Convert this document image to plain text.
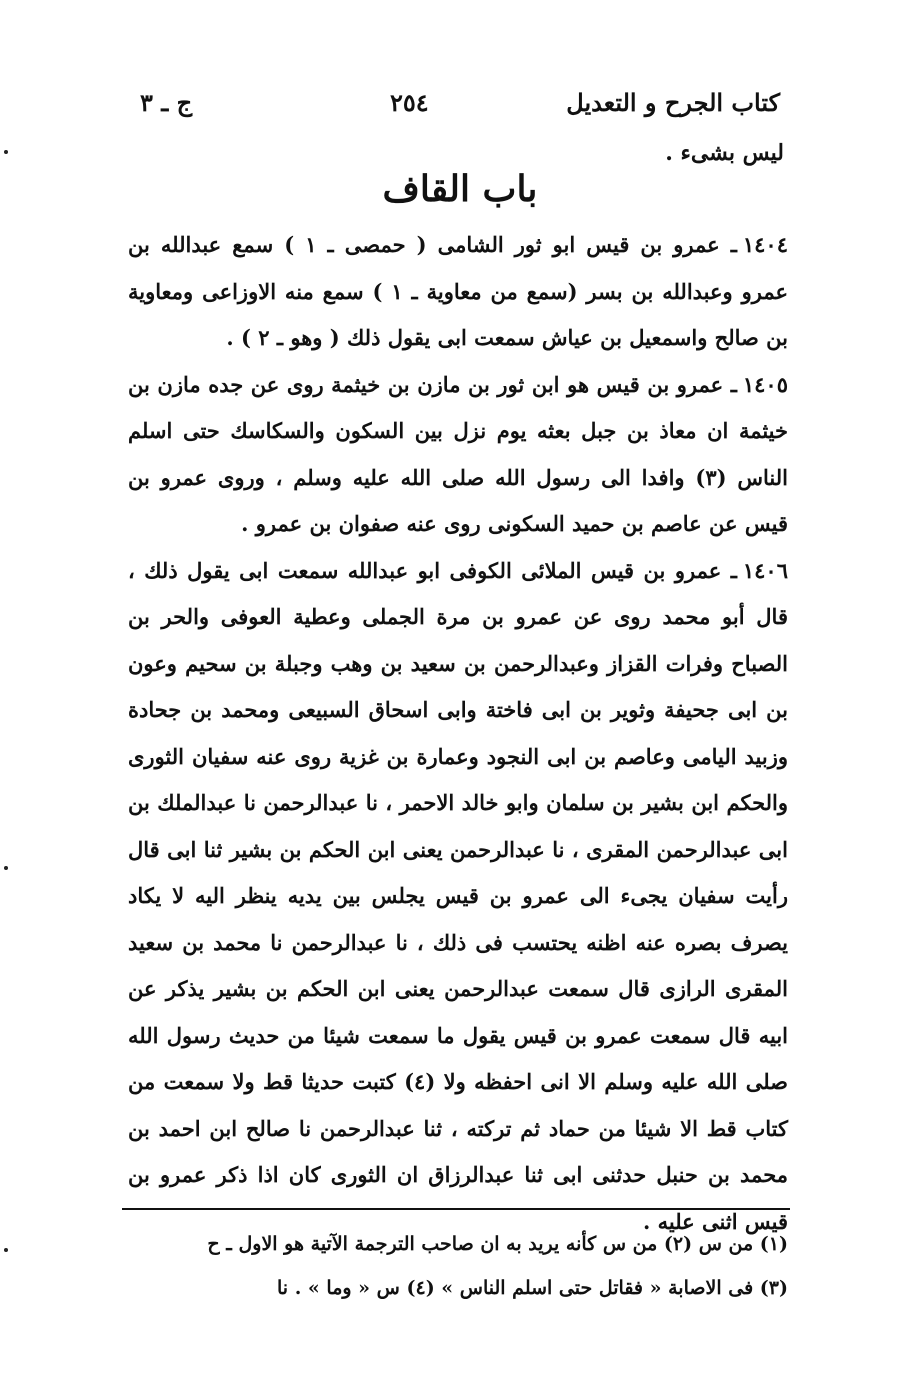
كتاب الجرح و التعديل
٢٥٤
ج ـ ٣
ليس بشىء .
باب القاف

١٤٠٤ـ عمرو بن قيس ابو ثور الشامى ( حمصى ـ ١ ) سمع عبدالله بن عمرو وعبدالله بن بسر (سمع من معاوية ـ ١ ) سمع منه الاوزاعى ومعاوية بن صالح واسمعيل بن عياش سمعت ابى يقول ذلك ( وهو ـ ٢ ) .

١٤٠٥ـ عمرو بن قيس هو ابن ثور بن مازن بن خيثمة روى عن جده مازن بن خيثمة ان معاذ بن جبل بعثه يوم نزل بين السكون والسكاسك حتى اسلم الناس (٣) وافدا الى رسول الله صلى الله عليه وسلم ، وروى عمرو بن قيس عن عاصم بن حميد السكونى روى عنه صفوان بن عمرو .

١٤٠٦ـ عمرو بن قيس الملائى الكوفى ابو عبدالله سمعت ابى يقول ذلك ، قال أبو محمد روى عن عمرو بن مرة الجملى وعطية العوفى والحر بن الصباح وفرات القزاز وعبدالرحمن بن سعيد بن وهب وجبلة بن سحيم وعون بن ابى جحيفة وثوير بن ابى فاختة وابى اسحاق السبيعى ومحمد بن جحادة وزبيد اليامى وعاصم بن ابى النجود وعمارة بن غزية روى عنه سفيان الثورى والحكم ابن بشير بن سلمان وابو خالد الاحمر ، نا عبدالرحمن نا عبدالملك بن ابى عبدالرحمن المقرى ، نا عبدالرحمن يعنى ابن الحكم بن بشير ثنا ابى قال رأيت سفيان يجىء الى عمرو بن قيس يجلس بين يديه ينظر اليه لا يكاد يصرف بصره عنه اظنه يحتسب فى ذلك ، نا عبدالرحمن نا محمد بن سعيد المقرى الرازى قال سمعت عبدالرحمن يعنى ابن الحكم بن بشير يذكر عن ابيه قال سمعت عمرو بن قيس يقول ما سمعت شيئا من حديث رسول الله صلى الله عليه وسلم الا انى احفظه ولا (٤) كتبت حديثا قط ولا سمعت من كتاب قط الا شيئا من حماد ثم تركته ، ثنا عبدالرحمن نا صالح ابن احمد بن محمد بن حنبل حدثنى ابى ثنا عبدالرزاق ان الثورى كان اذا ذكر عمرو بن قيس اثنى عليه .

(١) من س (٢) من س كأنه يريد به ان صاحب الترجمة الآتية هو الاول ـ ح

(٣) فى الاصابة « فقاتل حتى اسلم الناس » (٤) س « وما » . نا
